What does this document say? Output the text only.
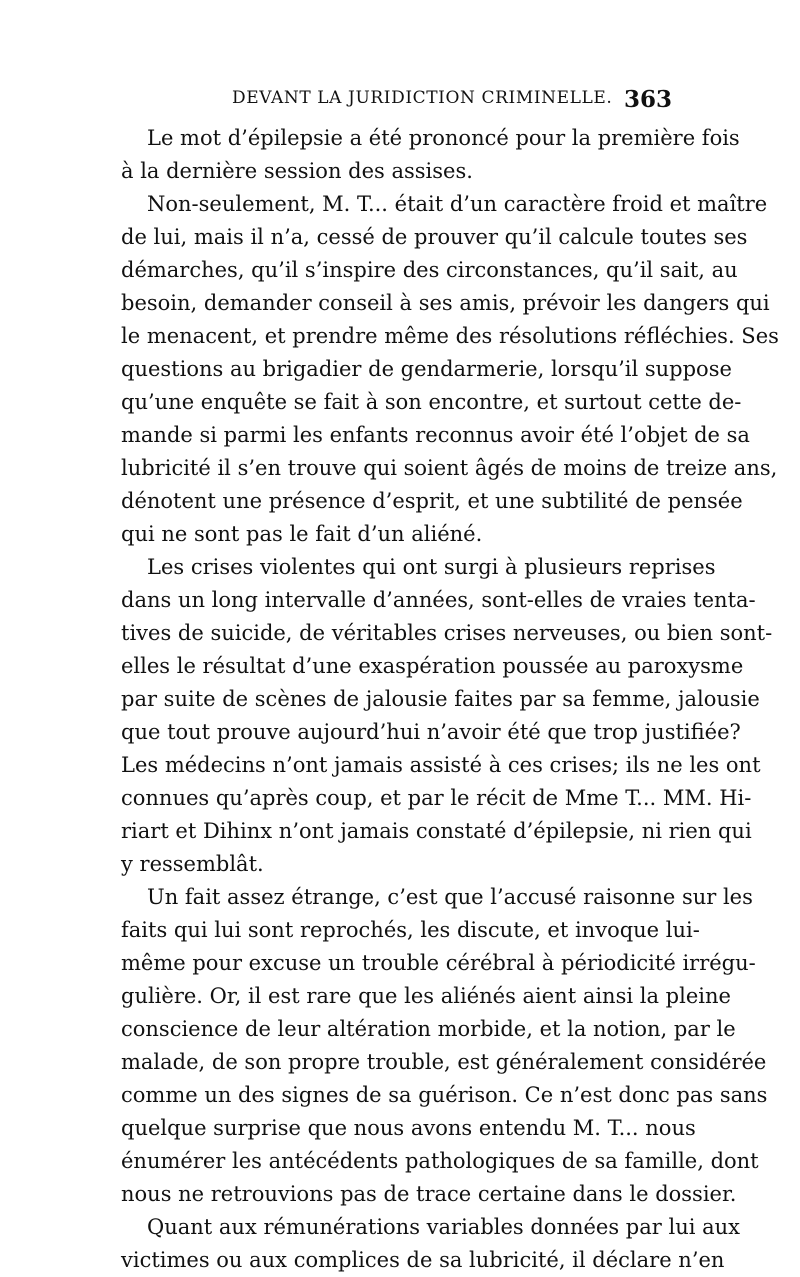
DEVANT LA JURIDICTION CRIMINELLE. 363
Le mot d’épilepsie a été prononcé pour la première fois
à la dernière session des assises.
Non-seulement, M. T... était d’un caractère froid et maître
de lui, mais il n’a, cessé de prouver qu’il calcule toutes ses
démarches, qu’il s’inspire des circonstances, qu’il sait, au
besoin, demander conseil à ses amis, prévoir les dangers qui
le menacent, et prendre même des résolutions réfléchies. Ses
questions au brigadier de gendarmerie, lorsqu’il suppose
qu’une enquête se fait à son encontre, et surtout cette de-
mande si parmi les enfants reconnus avoir été l’objet de sa
lubricité il s’en trouve qui soient âgés de moins de treize ans,
dénotent une présence d’esprit, et une subtilité de pensée
qui ne sont pas le fait d’un aliéné.
Les crises violentes qui ont surgi à plusieurs reprises
dans un long intervalle d’années, sont-elles de vraies tenta-
tives de suicide, de véritables crises nerveuses, ou bien sont-
elles le résultat d’une exaspération poussée au paroxysme
par suite de scènes de jalousie faites par sa femme, jalousie
que tout prouve aujourd’hui n’avoir été que trop justifiée?
Les médecins n’ont jamais assisté à ces crises; ils ne les ont
connues qu’après coup, et par le récit de Mme T... MM. Hi-
riart et Dihinx n’ont jamais constaté d’épilepsie, ni rien qui
y ressemblât.
Un fait assez étrange, c’est que l’accusé raisonne sur les
faits qui lui sont reprochés, les discute, et invoque lui-
même pour excuse un trouble cérébral à périodicité irrégu-
gulière. Or, il est rare que les aliénés aient ainsi la pleine
conscience de leur altération morbide, et la notion, par le
malade, de son propre trouble, est généralement considérée
comme un des signes de sa guérison. Ce n’est donc pas sans
quelque surprise que nous avons entendu M. T... nous
énumérer les antécédents pathologiques de sa famille, dont
nous ne retrouvions pas de trace certaine dans le dossier.
Quant aux rémunérations variables données par lui aux
victimes ou aux complices de sa lubricité, il déclare n’en
